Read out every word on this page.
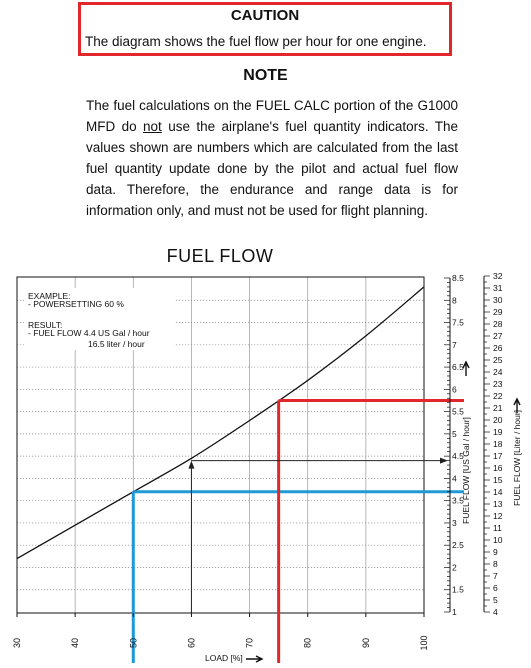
CAUTION
The diagram shows the fuel flow per hour for one engine.
NOTE
The fuel calculations on the FUEL CALC portion of the G1000
MFD do not use the airplane's fuel quantity indicators. The
values shown are numbers which are calculated from the last
fuel quantity update done by the pilot and actual fuel flow
data. Therefore, the endurance and range data is for
information only, and must not be used for flight planning.
FUEL FLOW
EXAMPLE:
- POWERSETTING 60 %
RESULT:
- FUEL FLOW 4.4 US Gal / hour
16.5 liter / hour
30	40	50	60	70	80	90	100
LOAD [%]
1
1.5
2
2.5
3
3.5
4
4.5
5
5.5
6
6.5
7
7.5
8
8.5
FUEL FLOW [US Gal / hour]
4
5
6
7
8
9
10
11
12
13
14
15
16
17
18
19
20
21
22
23
24
25
26
27
28
29
30
31
32
FUEL FLOW [Liter / hour]
